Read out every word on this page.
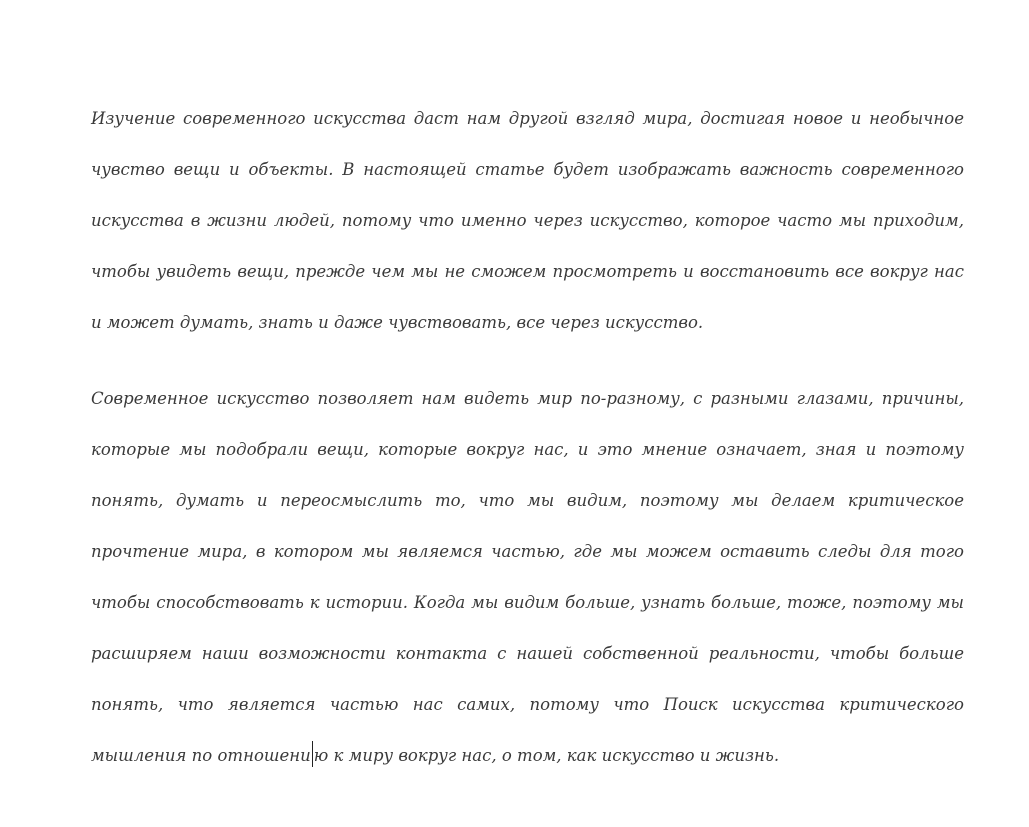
Изучение современного искусства даст нам другой взгляд мира, достигая новое и необычное чувство вещи и объекты. В настоящей статье будет изображать важность современного искусства в жизни людей, потому что именно через искусство, которое часто мы приходим, чтобы увидеть вещи, прежде чем мы не сможем просмотреть и восстановить все вокруг нас и может думать, знать и даже чувствовать, все через искусство.

Современное искусство позволяет нам видеть мир по-разному, с разными глазами, причины, которые мы подобрали вещи, которые вокруг нас, и это мнение означает, зная и поэтому понять, думать и переосмыслить то, что мы видим, поэтому мы делаем критическое прочтение мира, в котором мы являемся частью, где мы можем оставить следы для того чтобы способствовать к истории. Когда мы видим больше, узнать больше, тоже, поэтому мы расширяем наши возможности контакта с нашей собственной реальности, чтобы больше понять, что является частью нас самих, потому что Поиск искусства критического мышления по отношени ю к миру вокруг нас, о том, как искусство и жизнь.
